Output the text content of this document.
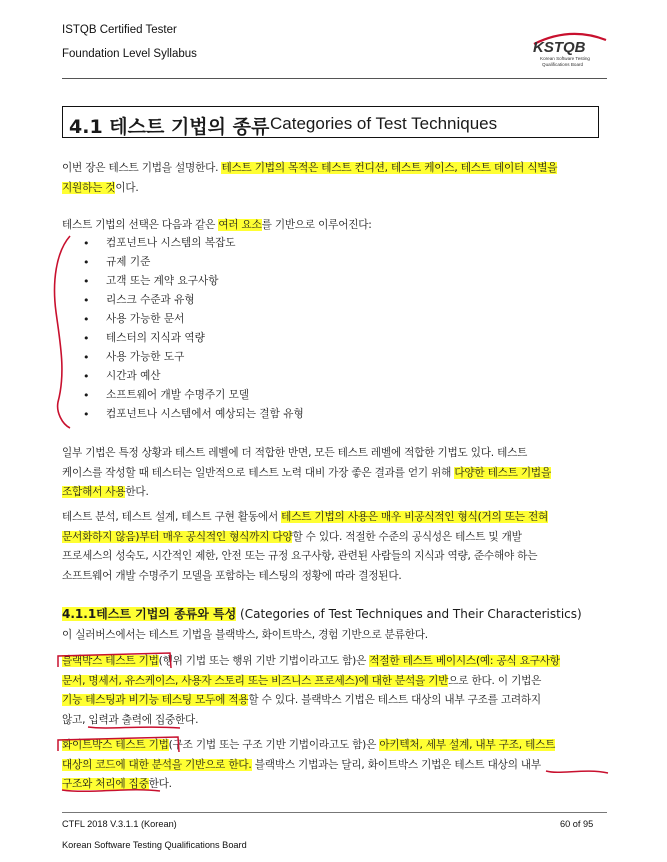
ISTQB Certified Tester
Foundation Level Syllabus	KSTQB
Korean Software Testing
Qualifications Board
4.1 테스트 기법의 종류 Categories of Test Techniques
이번 장은 테스트 기법을 설명한다. 테스트 기법의 목적은 테스트 컨디션, 테스트 케이스, 테스트 데이터 식별을
지원하는 것이다.
테스트 기법의 선택은 다음과 같은 여러 요소를 기반으로 이루어진다:
• 컴포넌트나 시스템의 복잡도
• 규제 기준
• 고객 또는 계약 요구사항
• 리스크 수준과 유형
• 사용 가능한 문서
• 테스터의 지식과 역량
• 사용 가능한 도구
• 시간과 예산
• 소프트웨어 개발 수명주기 모델
• 컴포넌트나 시스템에서 예상되는 결함 유형
일부 기법은 특정 상황과 테스트 레벨에 더 적합한 반면, 모든 테스트 레벨에 적합한 기법도 있다. 테스트
케이스를 작성할 때 테스터는 일반적으로 테스트 노력 대비 가장 좋은 결과를 얻기 위해 다양한 테스트 기법을
조합해서 사용한다.
테스트 분석, 테스트 설계, 테스트 구현 활동에서 테스트 기법의 사용은 매우 비공식적인 형식(거의 또는 전혀
문서화하지 않음)부터 매우 공식적인 형식까지 다양할 수 있다. 적절한 수준의 공식성은 테스트 및 개발
프로세스의 성숙도, 시간적인 제한, 안전 또는 규정 요구사항, 관련된 사람들의 지식과 역량, 준수해야 하는
소프트웨어 개발 수명주기 모델을 포함하는 테스팅의 정황에 따라 결정된다.
4.1.1테스트 기법의 종류와 특성 (Categories of Test Techniques and Their Characteristics)
이 실러버스에서는 테스트 기법을 블랙박스, 화이트박스, 경험 기반으로 분류한다.
블랙박스 테스트 기법(행위 기법 또는 행위 기반 기법이라고도 함)은 적절한 테스트 베이시스(예: 공식 요구사항
문서, 명세서, 유스케이스, 사용자 스토리 또는 비즈니스 프로세스)에 대한 분석을 기반으로 한다. 이 기법은
기능 테스팅과 비기능 테스팅 모두에 적용할 수 있다. 블랙박스 기법은 테스트 대상의 내부 구조를 고려하지
않고, 입력과 출력에 집중한다.
화이트박스 테스트 기법(구조 기법 또는 구조 기반 기법이라고도 함)은 아키텍처, 세부 설계, 내부 구조, 테스트
대상의 코드에 대한 분석을 기반으로 한다. 블랙박스 기법과는 달리, 화이트박스 기법은 테스트 대상의 내부
구조와 처리에 집중한다.
CTFL 2018 V.3.1.1 (Korean)	60 of 95
Korean Software Testing Qualifications Board
